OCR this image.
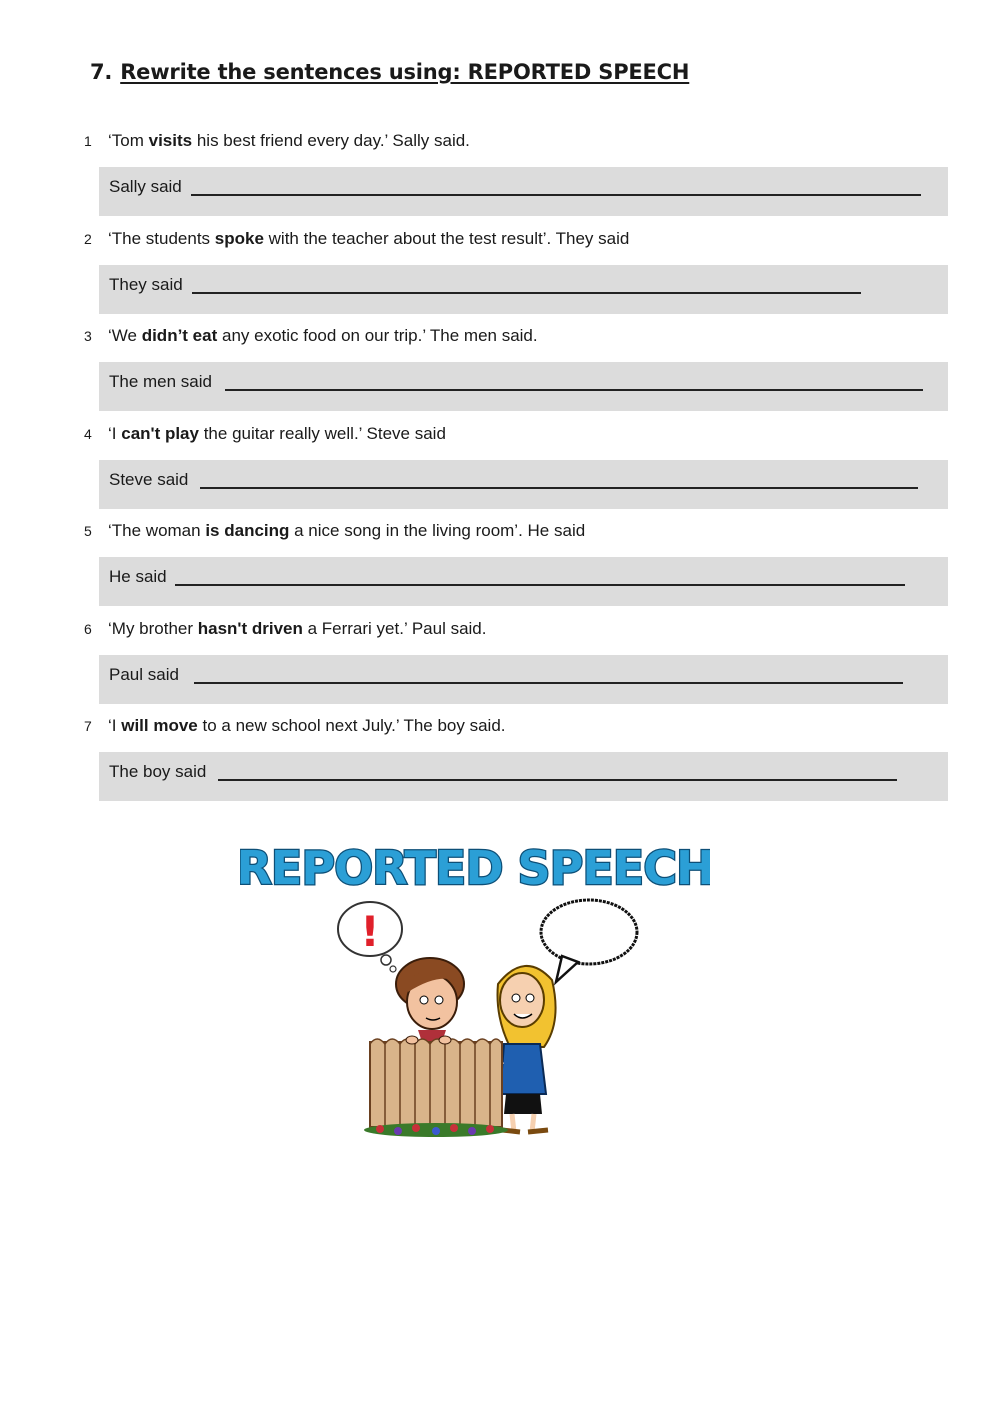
7. Rewrite the sentences using: REPORTED SPEECH
1 ‘Tom visits his best friend every day.’ Sally said.
Sally said
2 ‘The students spoke with the teacher about the test result’. They said
They said
3 ‘We didn’t eat any exotic food on our trip.’ The men said.
The men said
4 ‘I can't play the guitar really well.’ Steve said
Steve said
5 ‘The woman is dancing a nice song in the living room’. He said
He said
6 ‘My brother hasn't driven a Ferrari yet.’ Paul said.
Paul said
7 ‘I will move to a new school next July.’ The boy said.
The boy said
REPORTED SPEECH
!
